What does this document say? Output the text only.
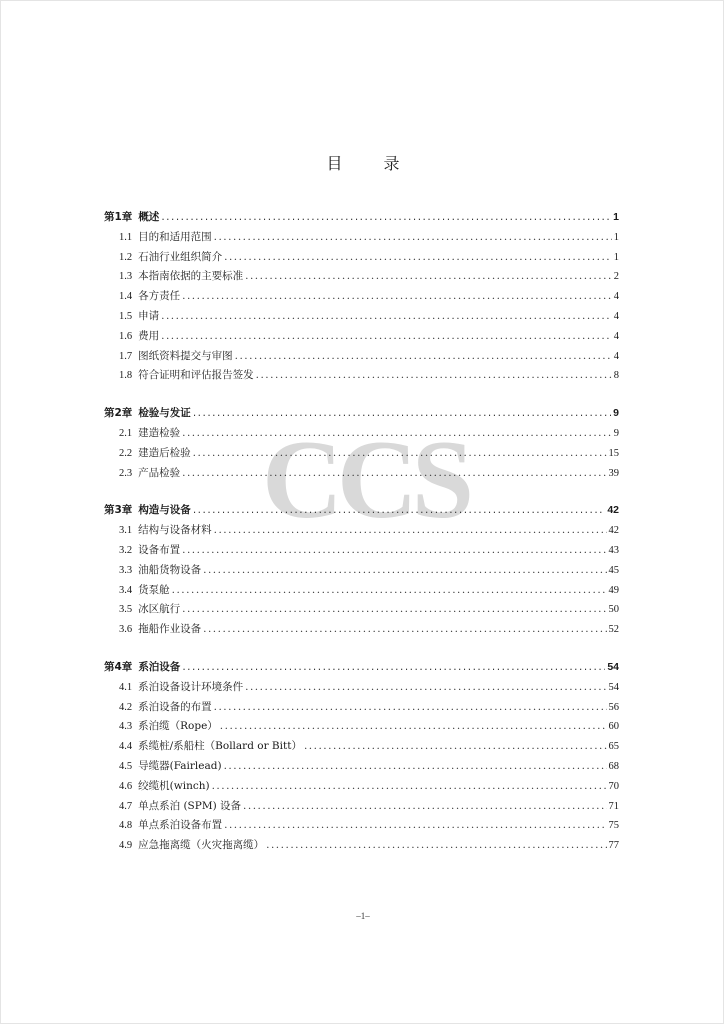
CCS
目 录
第1章 概述 .....	1
1.1 目的和适用范围 .....	1
1.2 石油行业组织简介 .....	1
1.3 本指南依据的主要标准 .....	2
1.4 各方责任 .....	4
1.5 申请 .....	4
1.6 费用 .....	4
1.7 图纸资料提交与审图 .....	4
1.8 符合证明和评估报告签发 .....	8
第2章 检验与发证 .....	9
2.1 建造检验 .....	9
2.2 建造后检验 .....	15
2.3 产品检验 .....	39
第3章 构造与设备 .....	42
3.1 结构与设备材料 .....	42
3.2 设备布置 .....	43
3.3 油船货物设备 .....	45
3.4 货泵舱 .....	49
3.5 冰区航行 .....	50
3.6 拖船作业设备 .....	52
第4章 系泊设备 .....	54
4.1 系泊设备设计环境条件 .....	54
4.2 系泊设备的布置 .....	56
4.3 系泊缆（Rope） .....	60
4.4 系缆桩/系船柱（Bollard or Bitt） .....	65
4.5 导缆器(Fairlead) .....	68
4.6 绞缆机(winch) .....	70
4.7 单点系泊 (SPM) 设备 .....	71
4.8 单点系泊设备布置 .....	75
4.9 应急拖离缆（火灾拖离缆） .....	77
–1–
